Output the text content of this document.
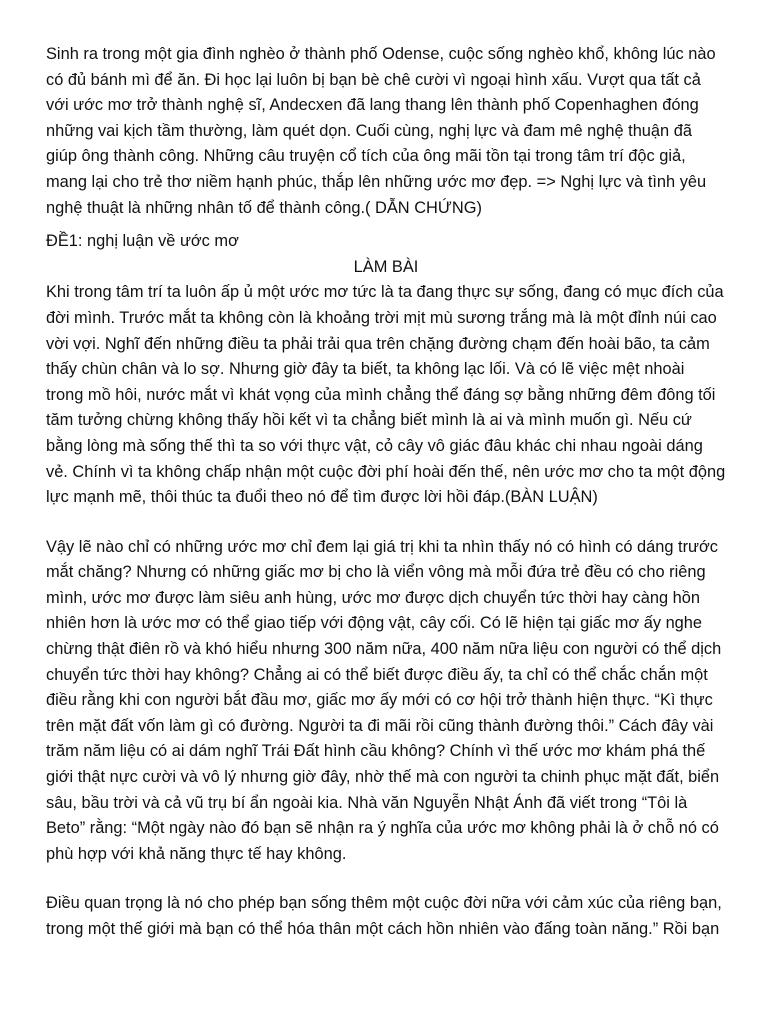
Sinh ra trong một gia đình nghèo ở thành phố Odense, cuộc sống nghèo khổ, không lúc nào có đủ bánh mì để ăn. Đi học lại luôn bị bạn bè chê cười vì ngoại hình xấu. Vượt qua tất cả với ước mơ trở thành nghệ sĩ, Andecxen đã lang thang lên thành phố Copenhaghen đóng những vai kịch tầm thường, làm quét dọn. Cuối cùng, nghị lực và đam mê nghệ thuận đã giúp ông thành công. Những câu truyện cổ tích của ông mãi tồn tại trong tâm trí độc giả, mang lại cho trẻ thơ niềm hạnh phúc, thắp lên những ước mơ đẹp. => Nghị lực và tình yêu nghệ thuật là những nhân tố để thành công.( DẪN CHỨNG)

ĐỀ1: nghị luận về ước mơ

LÀM BÀI

Khi trong tâm trí ta luôn ấp ủ một ước mơ tức là ta đang thực sự sống, đang có mục đích của đời mình. Trước mắt ta không còn là khoảng trời mịt mù sương trắng mà là một đỉnh núi cao vời vợi. Nghĩ đến những điều ta phải trải qua trên chặng đường chạm đến hoài bão, ta cảm thấy chùn chân và lo sợ. Nhưng giờ đây ta biết, ta không lạc lối. Và có lẽ việc mệt nhoài trong mồ hôi, nước mắt vì khát vọng của mình chẳng thể đáng sợ bằng những đêm đông tối tăm tưởng chừng không thấy hồi kết vì ta chẳng biết mình là ai và mình muốn gì. Nếu cứ bằng lòng mà sống thế thì ta so với thực vật, cỏ cây vô giác đâu khác chi nhau ngoài dáng vẻ. Chính vì ta không chấp nhận một cuộc đời phí hoài đến thế, nên ước mơ cho ta một động lực mạnh mẽ, thôi thúc ta đuổi theo nó để tìm được lời hồi đáp.(BÀN LUẬN)

Vậy lẽ nào chỉ có những ước mơ chỉ đem lại giá trị khi ta nhìn thấy nó có hình có dáng trước mắt chăng? Nhưng có những giấc mơ bị cho là viển vông mà mỗi đứa trẻ đều có cho riêng mình, ước mơ được làm siêu anh hùng, ước mơ được dịch chuyển tức thời hay càng hồn nhiên hơn là ước mơ có thể giao tiếp với động vật, cây cối. Có lẽ hiện tại giấc mơ ấy nghe chừng thật điên rồ và khó hiểu nhưng 300 năm nữa, 400 năm nữa liệu con người có thể dịch chuyển tức thời hay không? Chẳng ai có thể biết được điều ấy, ta chỉ có thể chắc chắn một điều rằng khi con người bắt đầu mơ, giấc mơ ấy mới có cơ hội trở thành hiện thực. “Kì thực trên mặt đất vốn làm gì có đường. Người ta đi mãi rồi cũng thành đường thôi.” Cách đây vài trăm năm liệu có ai dám nghĩ Trái Đất hình cầu không? Chính vì thế ước mơ khám phá thế giới thật nực cười và vô lý nhưng giờ đây, nhờ thế mà con người ta chinh phục mặt đất, biển sâu, bầu trời và cả vũ trụ bí ẩn ngoài kia. Nhà văn Nguyễn Nhật Ánh đã viết trong “Tôi là Beto” rằng: “Một ngày nào đó bạn sẽ nhận ra ý nghĩa của ước mơ không phải là ở chỗ nó có phù hợp với khả năng thực tế hay không.

Điều quan trọng là nó cho phép bạn sống thêm một cuộc đời nữa với cảm xúc của riêng bạn, trong một thế giới mà bạn có thể hóa thân một cách hồn nhiên vào đấng toàn năng.” Rồi bạn
